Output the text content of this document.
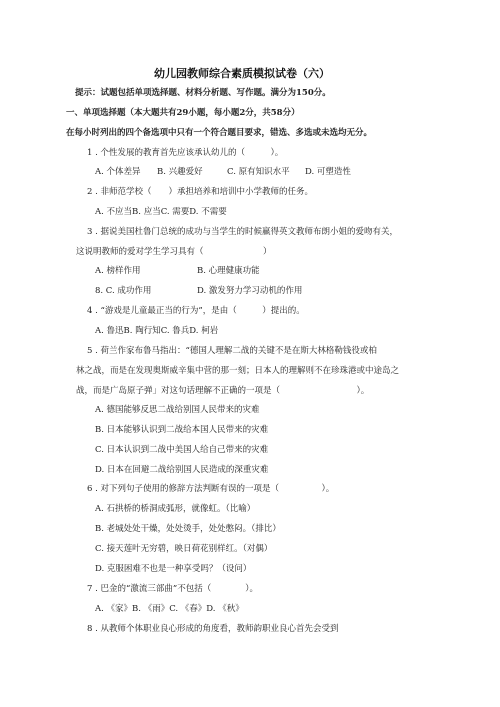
幼儿园教师综合素质模拟试卷（六）
提示：试题包括单项选择题、材料分析题、写作题。满分为150分。
一、单项选择题（本大题共有29小题，每小题2分，共58分）
在每小时列出的四个备选项中只有一个符合题目要求，错选、多选或未选均无分。
1 . 个性发展的教育首先应该承认幼儿的（　　　）。
A. 个体差异 B. 兴趣爱好	C. 原有知识水平 D. 可塑造性
2 . 非师范学校（　　）承担培养和培训中小学教师的任务。
A. 不应当B. 应当C. 需要D. 不需要
3 . 据说美国杜鲁门总统的成功与当学生的时候羸得英文教师布朗小姐的爱吻有关，
这说明教师的爱对学生学习具有（　　　　　　　）
A. 榜样作用	B. 心理健康功能
8. C. 成功作用	D. 激发努力学习动机的作用
4 . “游戏是儿童最正当的行为”，是由（　　　）提出的。
A. 鲁迅B. 陶行知C. 鲁兵D. 柯岩
5 . 荷兰作家布鲁马指出：“德国人理解二战的关键不是在斯大林格勒钱役或柏
林之战，而是在发现奥斯威辛集中营的那一刻；日本人的理解则不在珍珠港或中途岛之
战，而是广岛原子弹」对这句话理解不正确的一项是（　　　　　　　　　）。
A. 德国能够反思二战给别国人民带来的灾难
B. 日本能够认识到二战给本国人民带来的灾难
C. 日本认识到二战中美国人给自己带来的灾难
D. 日本在回避二战给别国人民造成的深重灾难
6 . 对下列句子使用的修辞方法判断有误的一项是（　　　　　）。
A. 石拱桥的桥洞成弧形，就像虹。（比喻）
B. 老城处处干燥，处处烫手，处处憋闷。（排比）
C. 接天莲叶无穷碧，映日荷花别样红。（对偶）
D. 克服困难不也是一种享受吗？（设问）
7 . 巴金的“激流三部曲”不包括（　　　　）。
A. 《家》B. 《雨》C. 《春》D. 《秋》
8 . 从教师个体职业良心形成的角度看，教师韵职业良心首先会受到
